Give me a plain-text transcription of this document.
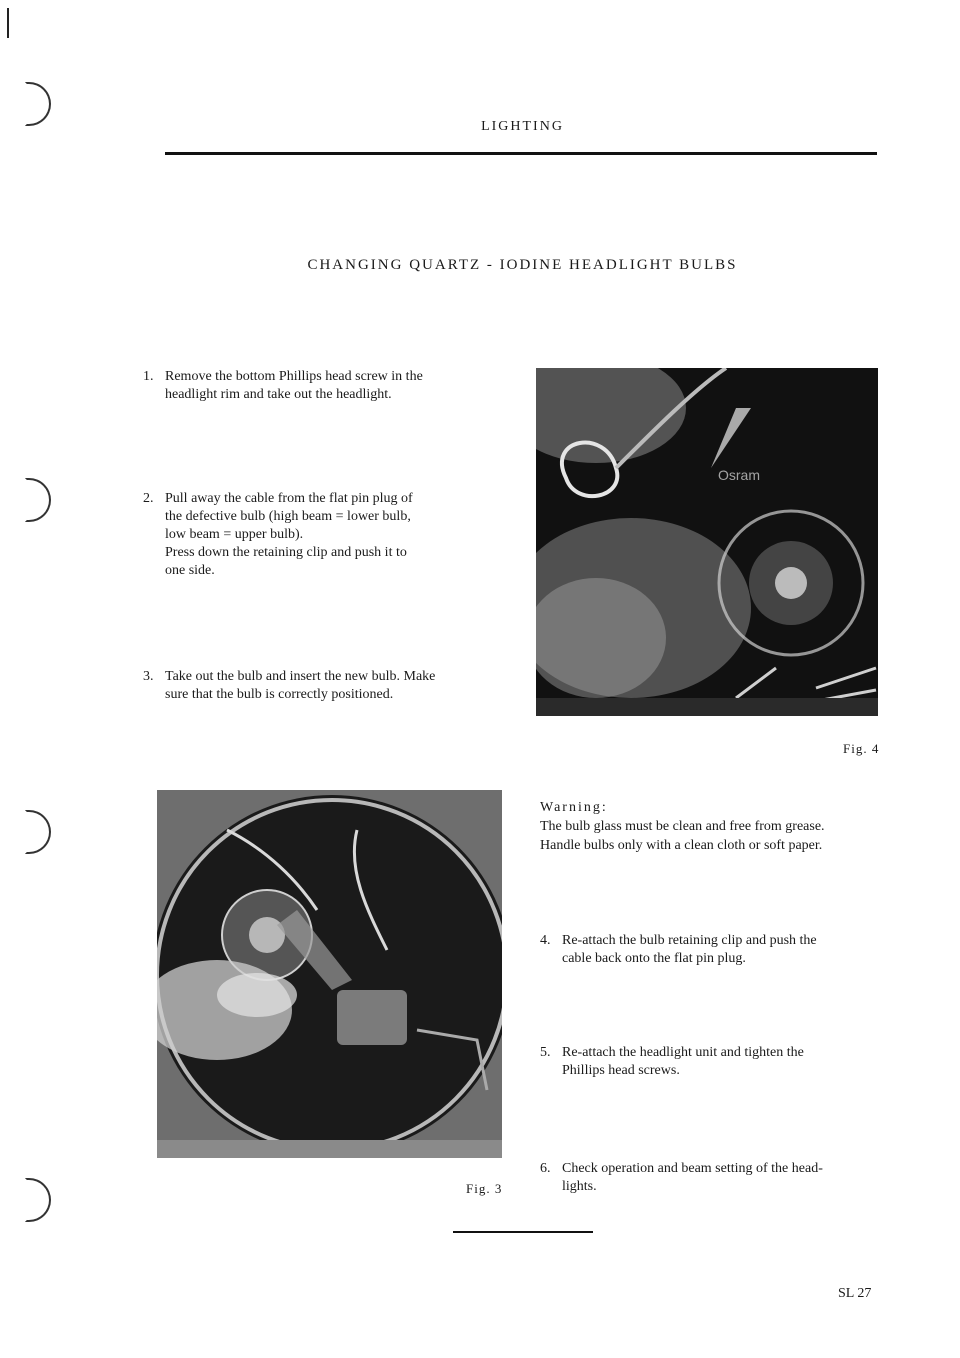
LIGHTING
CHANGING QUARTZ - IODINE HEADLIGHT BULBS
1. Remove the bottom Phillips head screw in the
headlight rim and take out the headlight.
2. Pull away the cable from the flat pin plug of
the defective bulb (high beam = lower bulb,
low beam = upper bulb).
Press down the retaining clip and push it to
one side.
3. Take out the bulb and insert the new bulb. Make
sure that the bulb is correctly positioned.
Osram
Fig. 4
Warning:
The bulb glass must be clean and free from grease.
Handle bulbs only with a clean cloth or soft paper.
Fig. 3
4. Re-attach the bulb retaining clip and push the
cable back onto the flat pin plug.
5. Re-attach the headlight unit and tighten the
Phillips head screws.
6. Check operation and beam setting of the head-
lights.
SL 27
